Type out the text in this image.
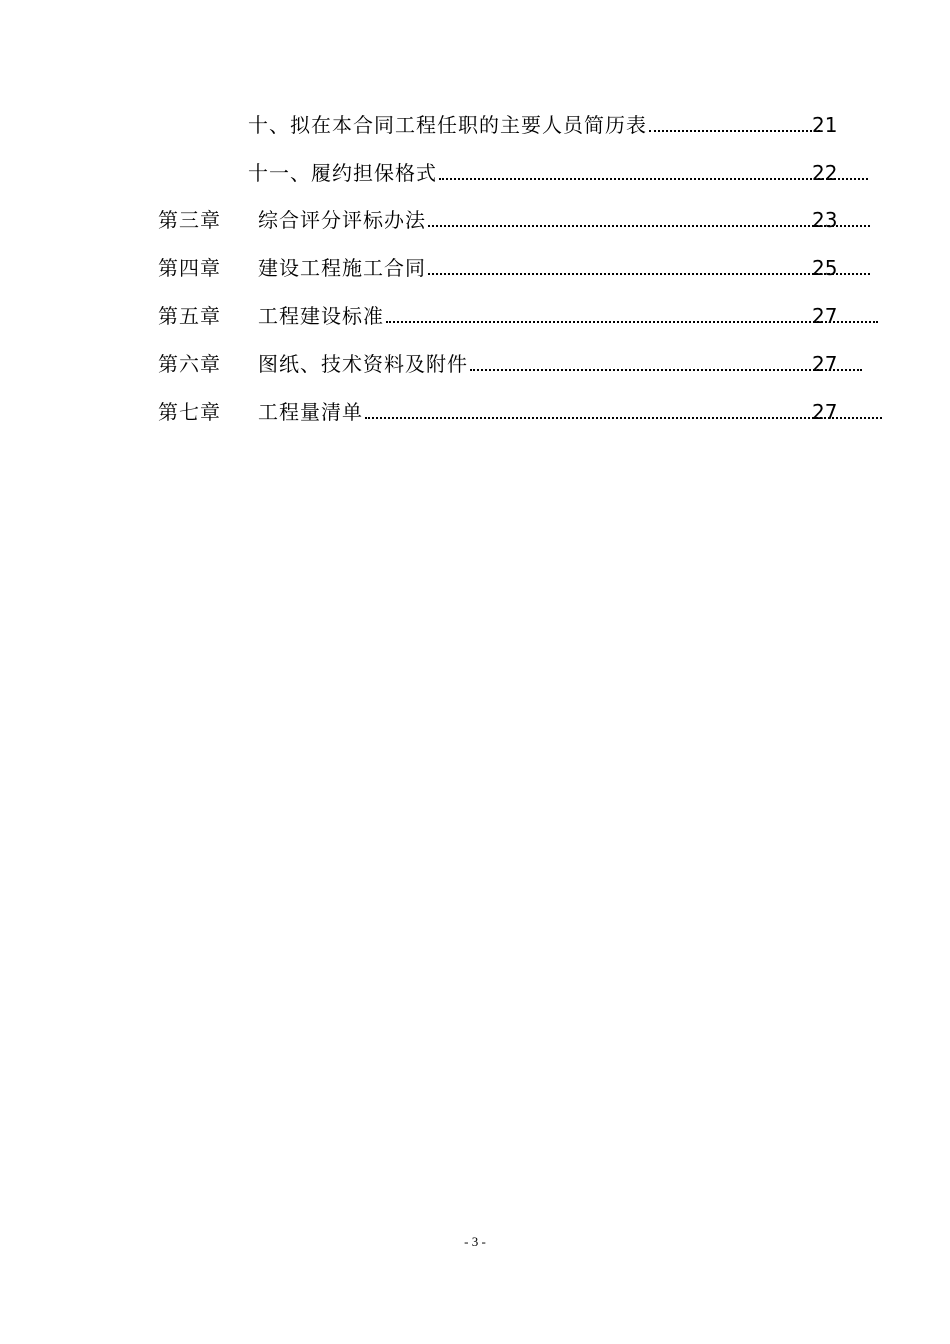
十、拟在本合同工程任职的主要人员简历表	21
十一、履约担保格式	22
第三章	综合评分评标办法	23
第四章	建设工程施工合同	25
第五章	工程建设标准	27
第六章	图纸、技术资料及附件	27
第七章	工程量清单	27
- 3 -
